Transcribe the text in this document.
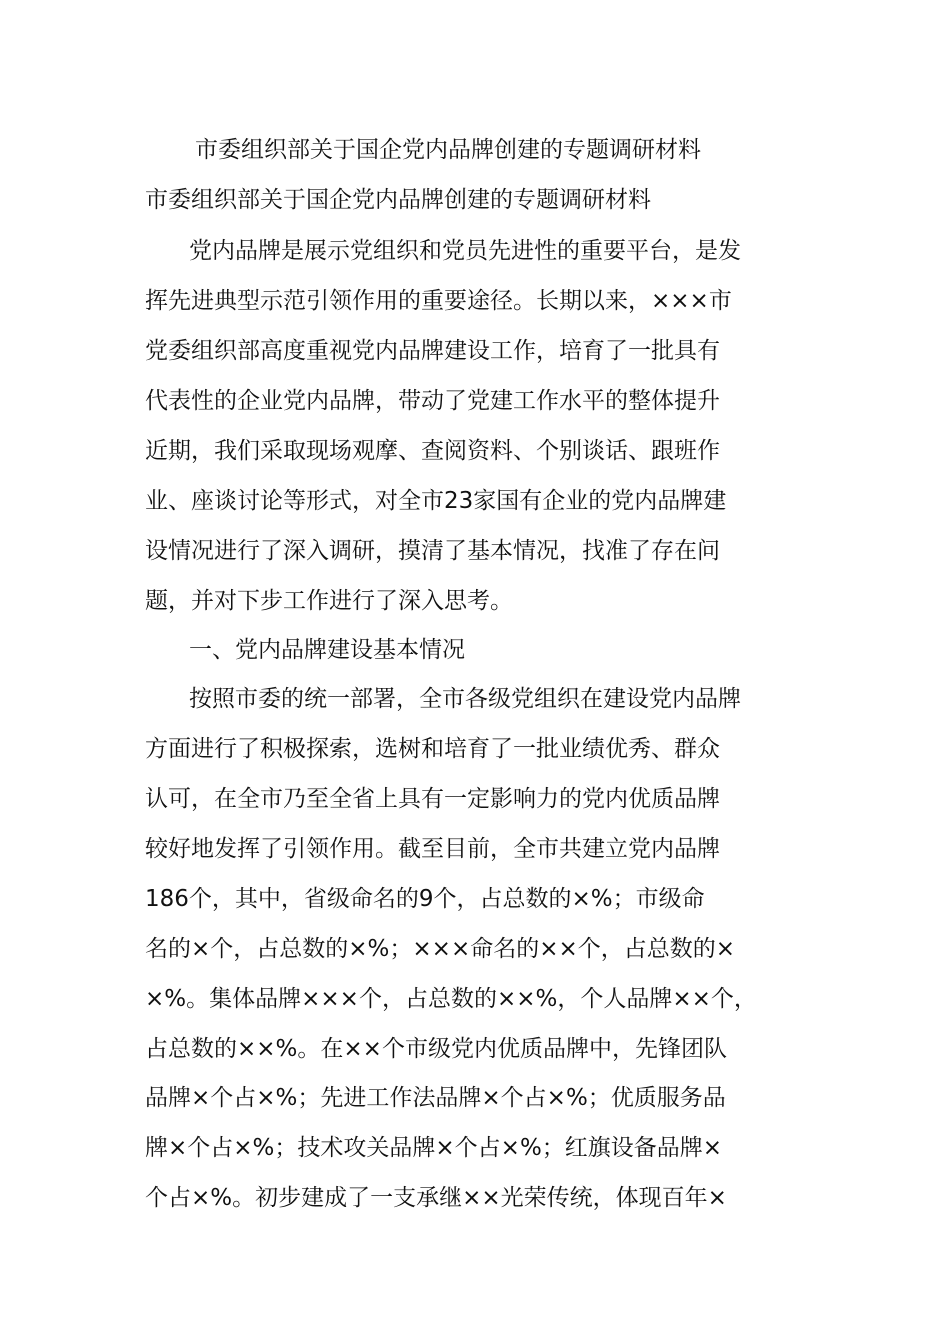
市委组织部关于国企党内品牌创建的专题调研材料
市委组织部关于国企党内品牌创建的专题调研材料
党内品牌是展示党组织和党员先进性的重要平台，是发
挥先进典型示范引领作用的重要途径。长期以来，×××市
党委组织部高度重视党内品牌建设工作，培育了一批具有
代表性的企业党内品牌，带动了党建工作水平的整体提升
近期，我们采取现场观摩、查阅资料、个别谈话、跟班作
业、座谈讨论等形式，对全市23家国有企业的党内品牌建
设情况进行了深入调研，摸清了基本情况，找准了存在问
题，并对下步工作进行了深入思考。
一、党内品牌建设基本情况
按照市委的统一部署，全市各级党组织在建设党内品牌
方面进行了积极探索，选树和培育了一批业绩优秀、群众
认可，在全市乃至全省上具有一定影响力的党内优质品牌
较好地发挥了引领作用。截至目前，全市共建立党内品牌
186个，其中，省级命名的9个，占总数的×%；市级命
名的×个，占总数的×%；×××命名的××个，占总数的×
×%。集体品牌×××个，占总数的××%，个人品牌××个，
占总数的××%。在××个市级党内优质品牌中，先锋团队
品牌×个占×%；先进工作法品牌×个占×%；优质服务品
牌×个占×%；技术攻关品牌×个占×%；红旗设备品牌×
个占×%。初步建成了一支承继××光荣传统，体现百年×
